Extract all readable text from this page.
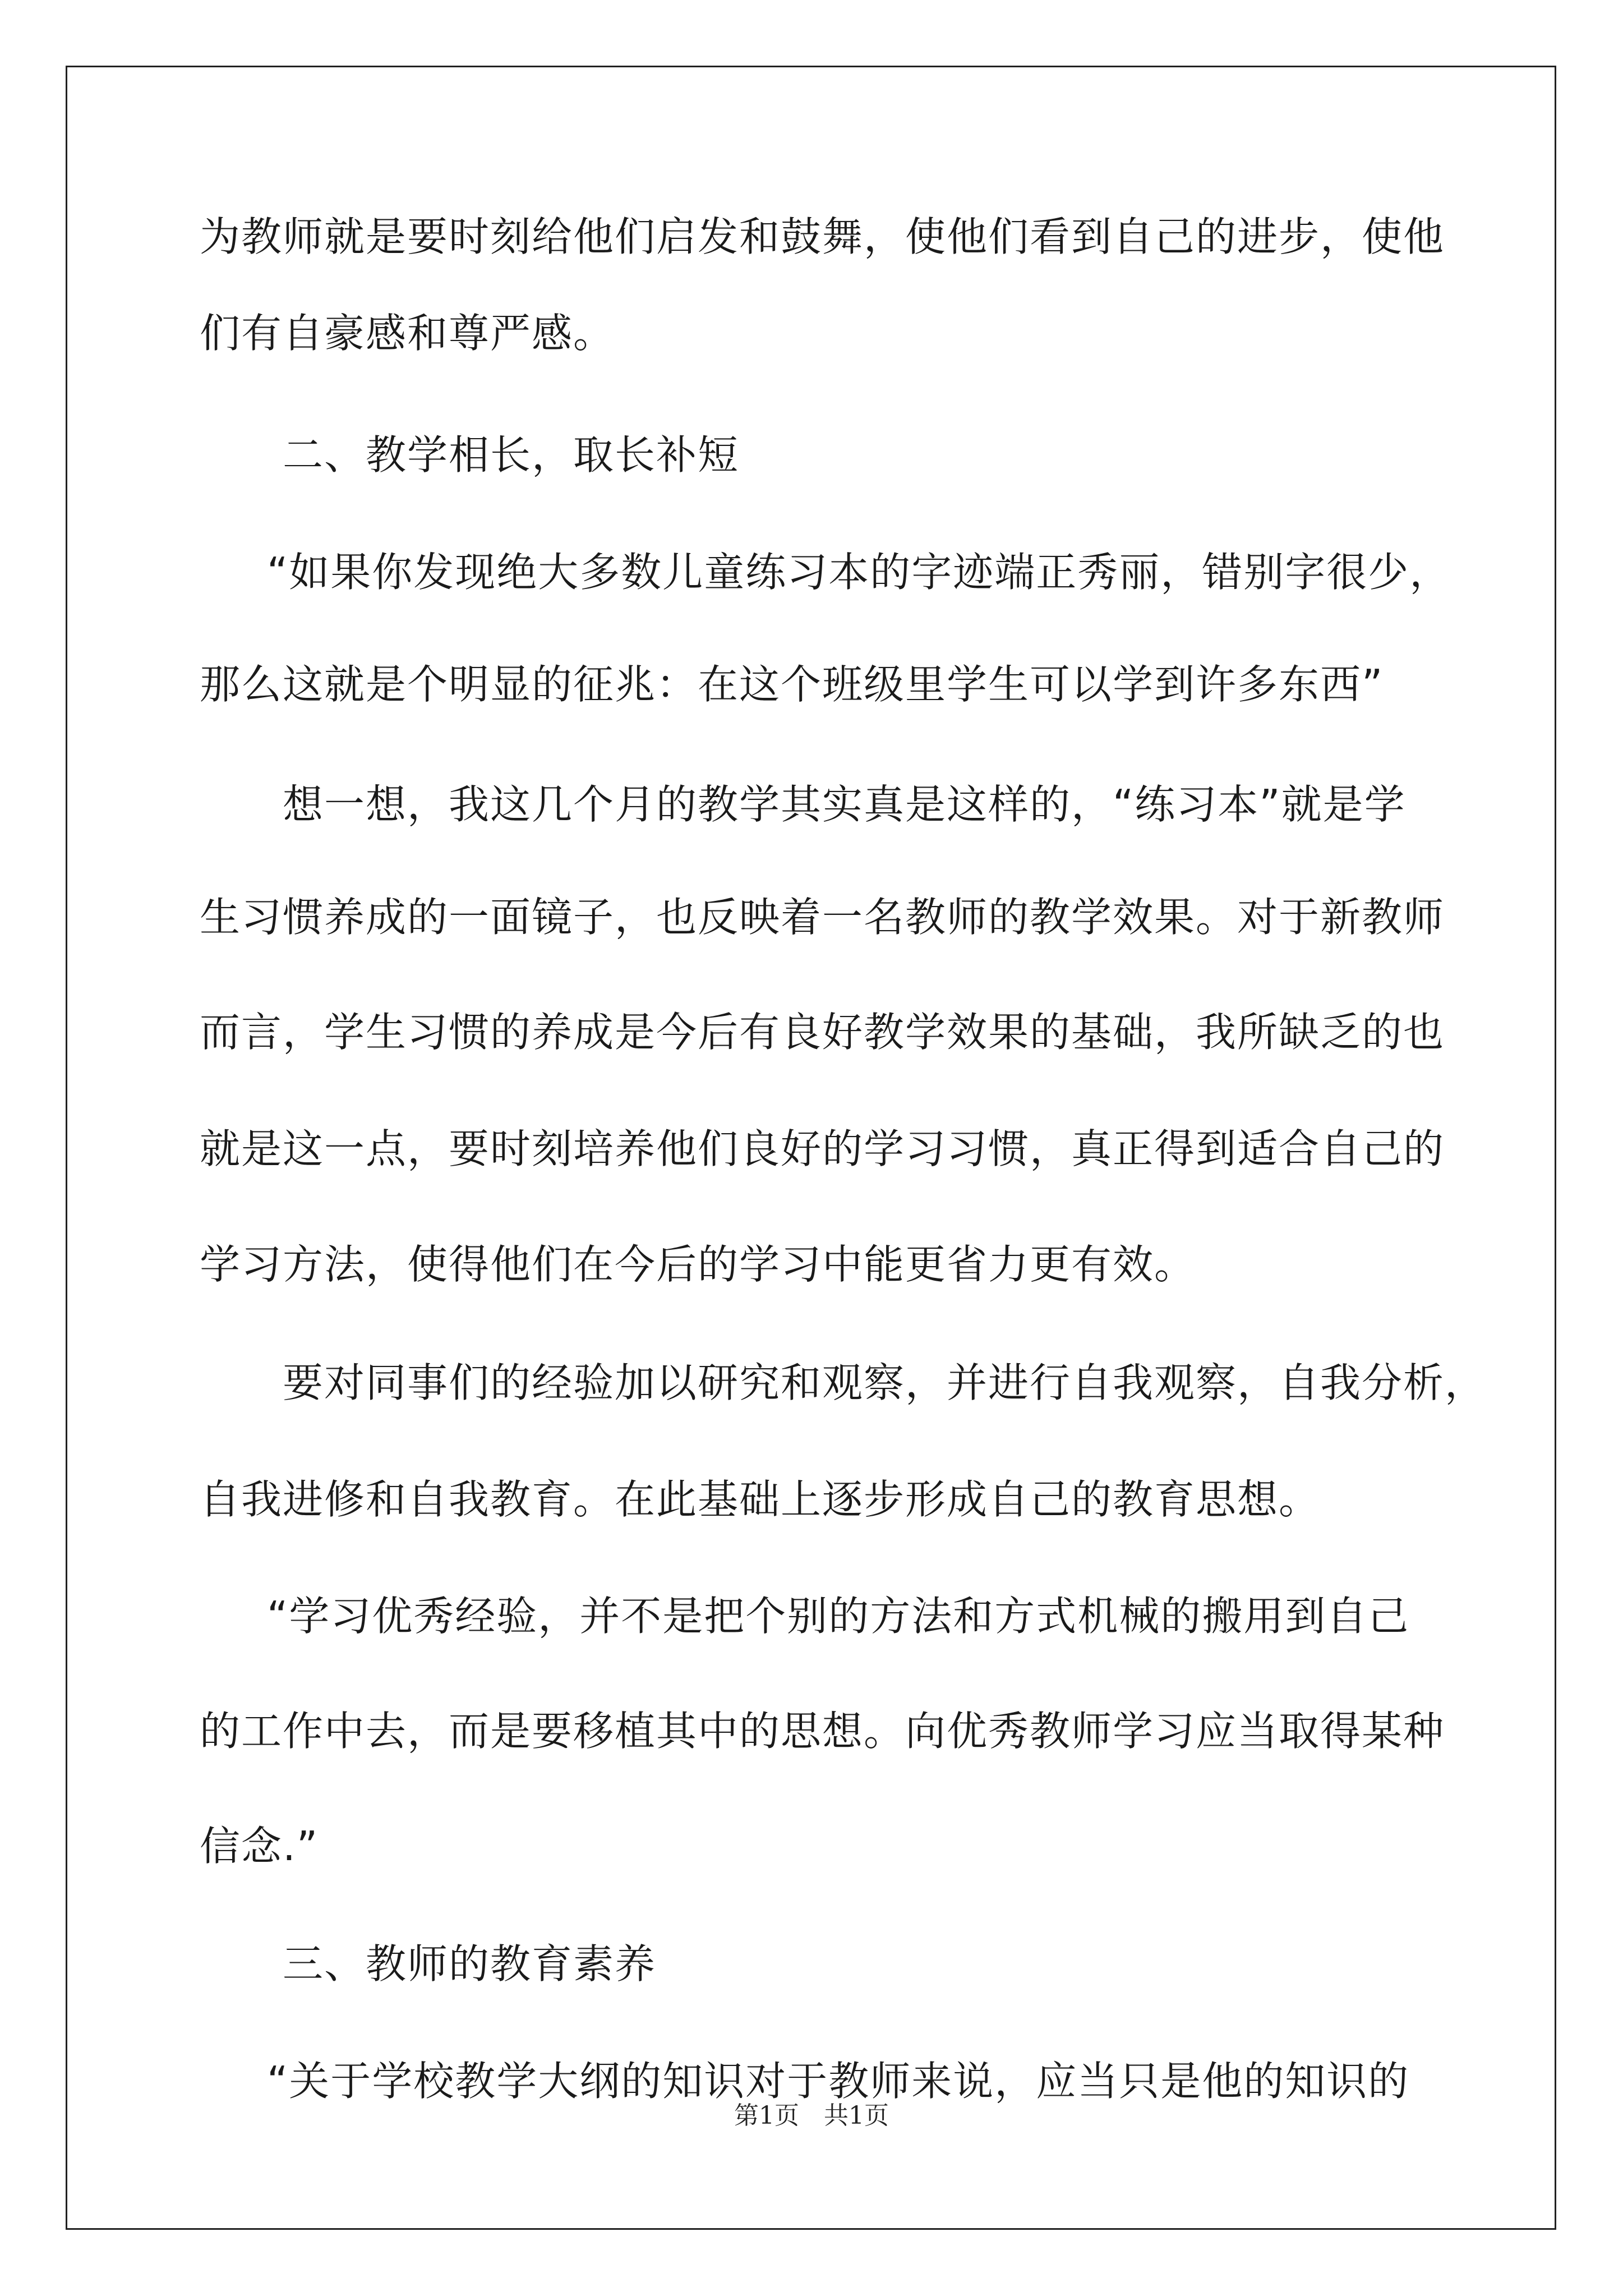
为教师就是要时刻给他们启发和鼓舞，使他们看到自己的进步，使他
们有自豪感和尊严感。
二、教学相长，取长补短
“如果你发现绝大多数儿童练习本的字迹端正秀丽，错别字很少，
那么这就是个明显的征兆：在这个班级里学生可以学到许多东西”
想一想，我这几个月的教学其实真是这样的，“练习本”就是学
生习惯养成的一面镜子，也反映着一名教师的教学效果。对于新教师
而言，学生习惯的养成是今后有良好教学效果的基础，我所缺乏的也
就是这一点，要时刻培养他们良好的学习习惯，真正得到适合自己的
学习方法，使得他们在今后的学习中能更省力更有效。
要对同事们的经验加以研究和观察，并进行自我观察，自我分析，
自我进修和自我教育。在此基础上逐步形成自己的教育思想。
“学习优秀经验，并不是把个别的方法和方式机械的搬用到自己
的工作中去，而是要移植其中的思想。向优秀教师学习应当取得某种
信念.”
三、教师的教育素养
“关于学校教学大纲的知识对于教师来说，应当只是他的知识的
第1页　共1页
